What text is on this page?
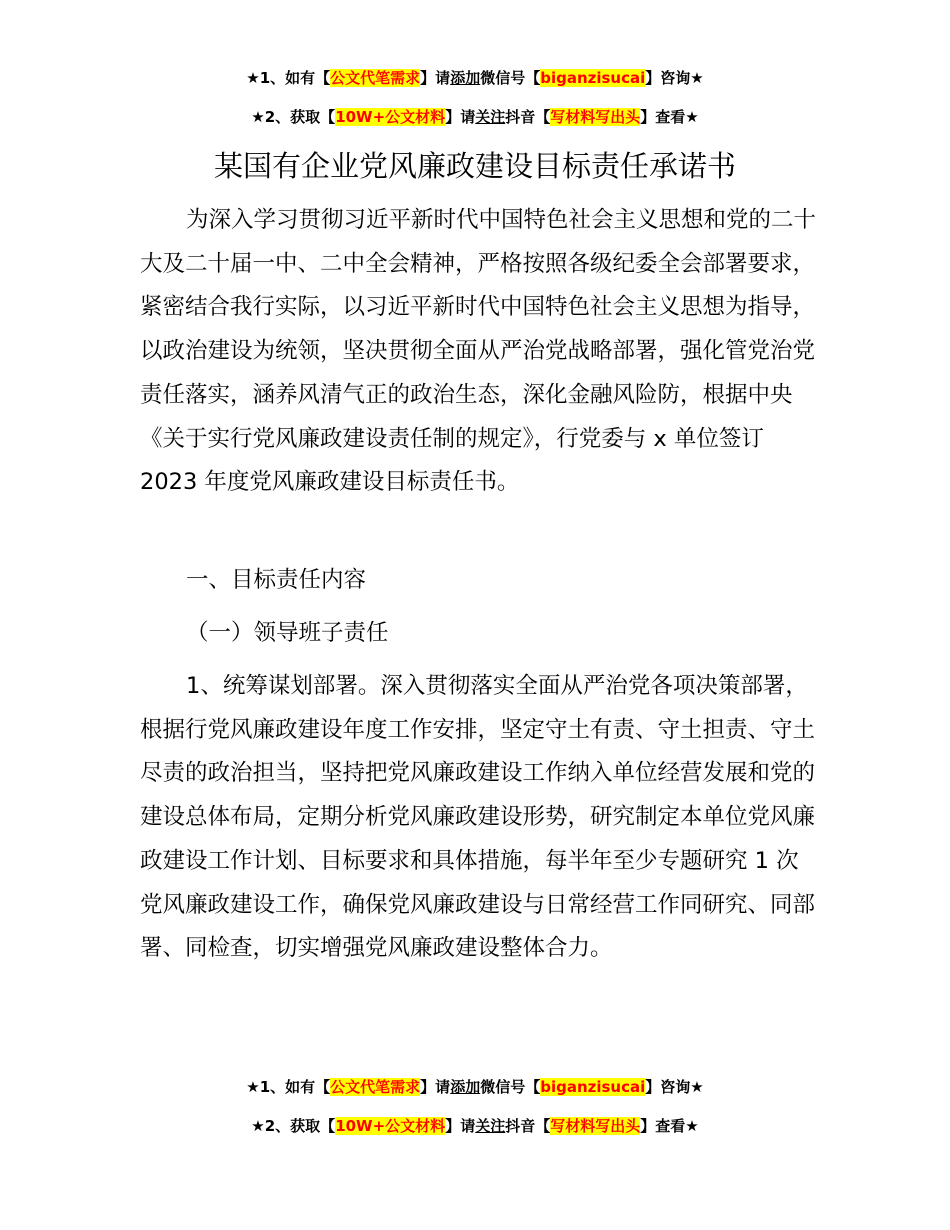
★1、如有【公文代笔需求】请添加微信号【biganzisucai】咨询★
★2、获取【10W+公文材料】请关注抖音【写材料写出头】查看★
某国有企业党风廉政建设目标责任承诺书

为深入学习贯彻习近平新时代中国特色社会主义思想和党的二十大及二十届一中、二中全会精神，严格按照各级纪委全会部署要求，紧密结合我行实际，以习近平新时代中国特色社会主义思想为指导，以政治建设为统领，坚决贯彻全面从严治党战略部署，强化管党治党责任落实，涵养风清气正的政治生态，深化金融风险防，根据中央《关于实行党风廉政建设责任制的规定》，行党委与 x 单位签订 2023 年度党风廉政建设目标责任书。

一、目标责任内容

（一）领导班子责任

1、统筹谋划部署。深入贯彻落实全面从严治党各项决策部署，根据行党风廉政建设年度工作安排，坚定守土有责、守土担责、守土尽责的政治担当，坚持把党风廉政建设工作纳入单位经营发展和党的建设总体布局，定期分析党风廉政建设形势，研究制定本单位党风廉政建设工作计划、目标要求和具体措施，每半年至少专题研究 1 次党风廉政建设工作，确保党风廉政建设与日常经营工作同研究、同部署、同检查，切实增强党风廉政建设整体合力。

★1、如有【公文代笔需求】请添加微信号【biganzisucai】咨询★
★2、获取【10W+公文材料】请关注抖音【写材料写出头】查看★
